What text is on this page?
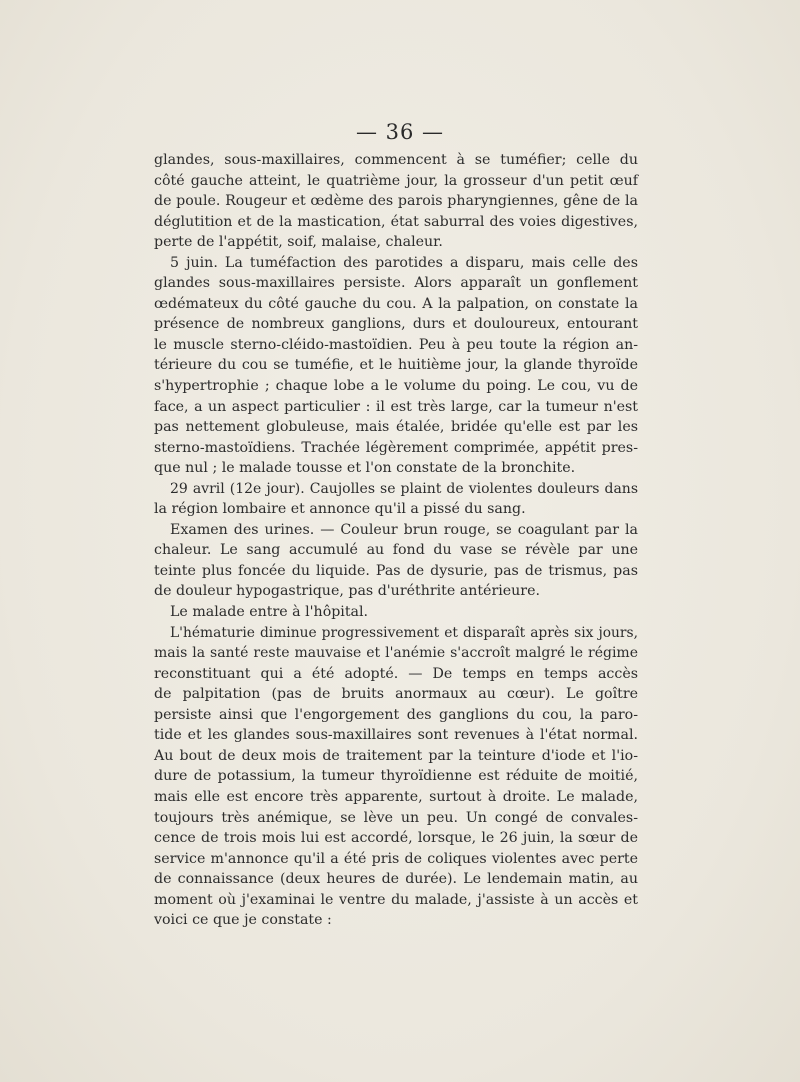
— 36 —
glandes, sous-maxillaires, commencent à se tuméfier; celle du
côté gauche atteint, le quatrième jour, la grosseur d'un petit œuf
de poule. Rougeur et œdème des parois pharyngiennes, gêne de la
déglutition et de la mastication, état saburral des voies digestives,
perte de l'appétit, soif, malaise, chaleur.
5 juin. La tuméfaction des parotides a disparu, mais celle des
glandes sous-maxillaires persiste. Alors apparaît un gonflement
œdémateux du côté gauche du cou. A la palpation, on constate la
présence de nombreux ganglions, durs et douloureux, entourant
le muscle sterno-cléido-mastoïdien. Peu à peu toute la région an-
térieure du cou se tuméfie, et le huitième jour, la glande thyroïde
s'hypertrophie ; chaque lobe a le volume du poing. Le cou, vu de
face, a un aspect particulier : il est très large, car la tumeur n'est
pas nettement globuleuse, mais étalée, bridée qu'elle est par les
sterno-mastoïdiens. Trachée légèrement comprimée, appétit pres-
que nul ; le malade tousse et l'on constate de la bronchite.
29 avril (12e jour). Caujolles se plaint de violentes douleurs dans
la région lombaire et annonce qu'il a pissé du sang.
Examen des urines. — Couleur brun rouge, se coagulant par la
chaleur. Le sang accumulé au fond du vase se révèle par une
teinte plus foncée du liquide. Pas de dysurie, pas de trismus, pas
de douleur hypogastrique, pas d'uréthrite antérieure.
Le malade entre à l'hôpital.
L'hématurie diminue progressivement et disparaît après six jours,
mais la santé reste mauvaise et l'anémie s'accroît malgré le régime
reconstituant qui a été adopté. — De temps en temps accès
de palpitation (pas de bruits anormaux au cœur). Le goître
persiste ainsi que l'engorgement des ganglions du cou, la paro-
tide et les glandes sous-maxillaires sont revenues à l'état normal.
Au bout de deux mois de traitement par la teinture d'iode et l'io-
dure de potassium, la tumeur thyroïdienne est réduite de moitié,
mais elle est encore très apparente, surtout à droite. Le malade,
toujours très anémique, se lève un peu. Un congé de convales-
cence de trois mois lui est accordé, lorsque, le 26 juin, la sœur de
service m'annonce qu'il a été pris de coliques violentes avec perte
de connaissance (deux heures de durée). Le lendemain matin, au
moment où j'examinai le ventre du malade, j'assiste à un accès et
voici ce que je constate :
